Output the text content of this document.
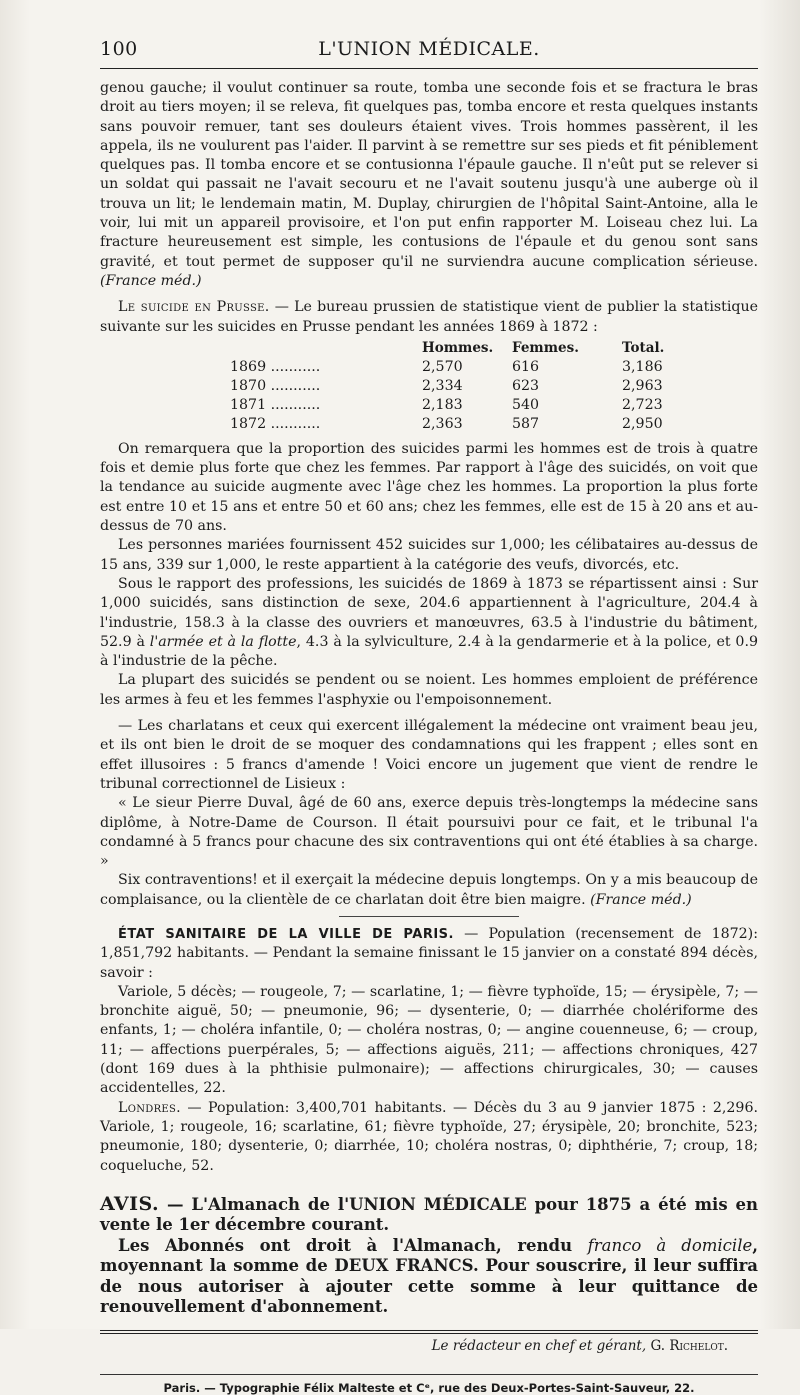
100	L'UNION MÉDICALE.

genou gauche; il voulut continuer sa route, tomba une seconde fois et se fractura le bras droit au tiers moyen; il se releva, fit quelques pas, tomba encore et resta quelques instants sans pouvoir remuer, tant ses douleurs étaient vives. Trois hommes passèrent, il les appela, ils ne voulurent pas l'aider. Il parvint à se remettre sur ses pieds et fit péniblement quelques pas. Il tomba encore et se contusionna l'épaule gauche. Il n'eût put se relever si un soldat qui passait ne l'avait secouru et ne l'avait soutenu jusqu'à une auberge où il trouva un lit; le lendemain matin, M. Duplay, chirurgien de l'hôpital Saint-Antoine, alla le voir, lui mit un appareil provisoire, et l'on put enfin rapporter M. Loiseau chez lui. La fracture heureusement est simple, les contusions de l'épaule et du genou sont sans gravité, et tout permet de supposer qu'il ne surviendra aucune complication sérieuse. (France méd.)

Le suicide en Prusse. — Le bureau prussien de statistique vient de publier la statistique suivante sur les suicides en Prusse pendant les années 1869 à 1872 :

	Hommes.	Femmes.	Total.
1869 ...........	2,570	616	3,186
1870 ...........	2,334	623	2,963
1871 ...........	2,183	540	2,723
1872 ...........	2,363	587	2,950

On remarquera que la proportion des suicides parmi les hommes est de trois à quatre fois et demie plus forte que chez les femmes. Par rapport à l'âge des suicidés, on voit que la tendance au suicide augmente avec l'âge chez les hommes. La proportion la plus forte est entre 10 et 15 ans et entre 50 et 60 ans; chez les femmes, elle est de 15 à 20 ans et au-dessus de 70 ans.

Les personnes mariées fournissent 452 suicides sur 1,000; les célibataires au-dessus de 15 ans, 339 sur 1,000, le reste appartient à la catégorie des veufs, divorcés, etc.

Sous le rapport des professions, les suicidés de 1869 à 1873 se répartissent ainsi : Sur 1,000 suicidés, sans distinction de sexe, 204.6 appartiennent à l'agriculture, 204.4 à l'industrie, 158.3 à la classe des ouvriers et manœuvres, 63.5 à l'industrie du bâtiment, 52.9 à l'armée et à la flotte, 4.3 à la sylviculture, 2.4 à la gendarmerie et à la police, et 0.9 à l'industrie de la pêche.

La plupart des suicidés se pendent ou se noient. Les hommes emploient de préférence les armes à feu et les femmes l'asphyxie ou l'empoisonnement.

— Les charlatans et ceux qui exercent illégalement la médecine ont vraiment beau jeu, et ils ont bien le droit de se moquer des condamnations qui les frappent ; elles sont en effet illusoires : 5 francs d'amende ! Voici encore un jugement que vient de rendre le tribunal correctionnel de Lisieux :

« Le sieur Pierre Duval, âgé de 60 ans, exerce depuis très-longtemps la médecine sans diplôme, à Notre-Dame de Courson. Il était poursuivi pour ce fait, et le tribunal l'a condamné à 5 francs pour chacune des six contraventions qui ont été établies à sa charge. »

Six contraventions! et il exerçait la médecine depuis longtemps. On y a mis beaucoup de complaisance, ou la clientèle de ce charlatan doit être bien maigre. (France méd.)

ÉTAT SANITAIRE DE LA VILLE DE PARIS. — Population (recensement de 1872): 1,851,792 habitants. — Pendant la semaine finissant le 15 janvier on a constaté 894 décès, savoir :

Variole, 5 décès; — rougeole, 7; — scarlatine, 1; — fièvre typhoïde, 15; — érysipèle, 7; — bronchite aiguë, 50; — pneumonie, 96; — dysenterie, 0; — diarrhée cholériforme des enfants, 1; — choléra infantile, 0; — choléra nostras, 0; — angine couenneuse, 6; — croup, 11; — affections puerpérales, 5; — affections aiguës, 211; — affections chroniques, 427 (dont 169 dues à la phthisie pulmonaire); — affections chirurgicales, 30; — causes accidentelles, 22.

Londres. — Population: 3,400,701 habitants. — Décès du 3 au 9 janvier 1875 : 2,296. Variole, 1; rougeole, 16; scarlatine, 61; fièvre typhoïde, 27; érysipèle, 20; bronchite, 523; pneumonie, 180; dysenterie, 0; diarrhée, 10; choléra nostras, 0; diphthérie, 7; croup, 18; coqueluche, 52.

AVIS. — L'Almanach de l'UNION MÉDICALE pour 1875 a été mis en vente le 1er décembre courant.
Les Abonnés ont droit à l'Almanach, rendu franco à domicile, moyennant la somme de DEUX FRANCS. Pour souscrire, il leur suffira de nous autoriser à ajouter cette somme à leur quittance de renouvellement d'abonnement.
Le rédacteur en chef et gérant, G. Richelot.
Paris. — Typographie Félix Malteste et Cᵉ, rue des Deux-Portes-Saint-Sauveur, 22.
